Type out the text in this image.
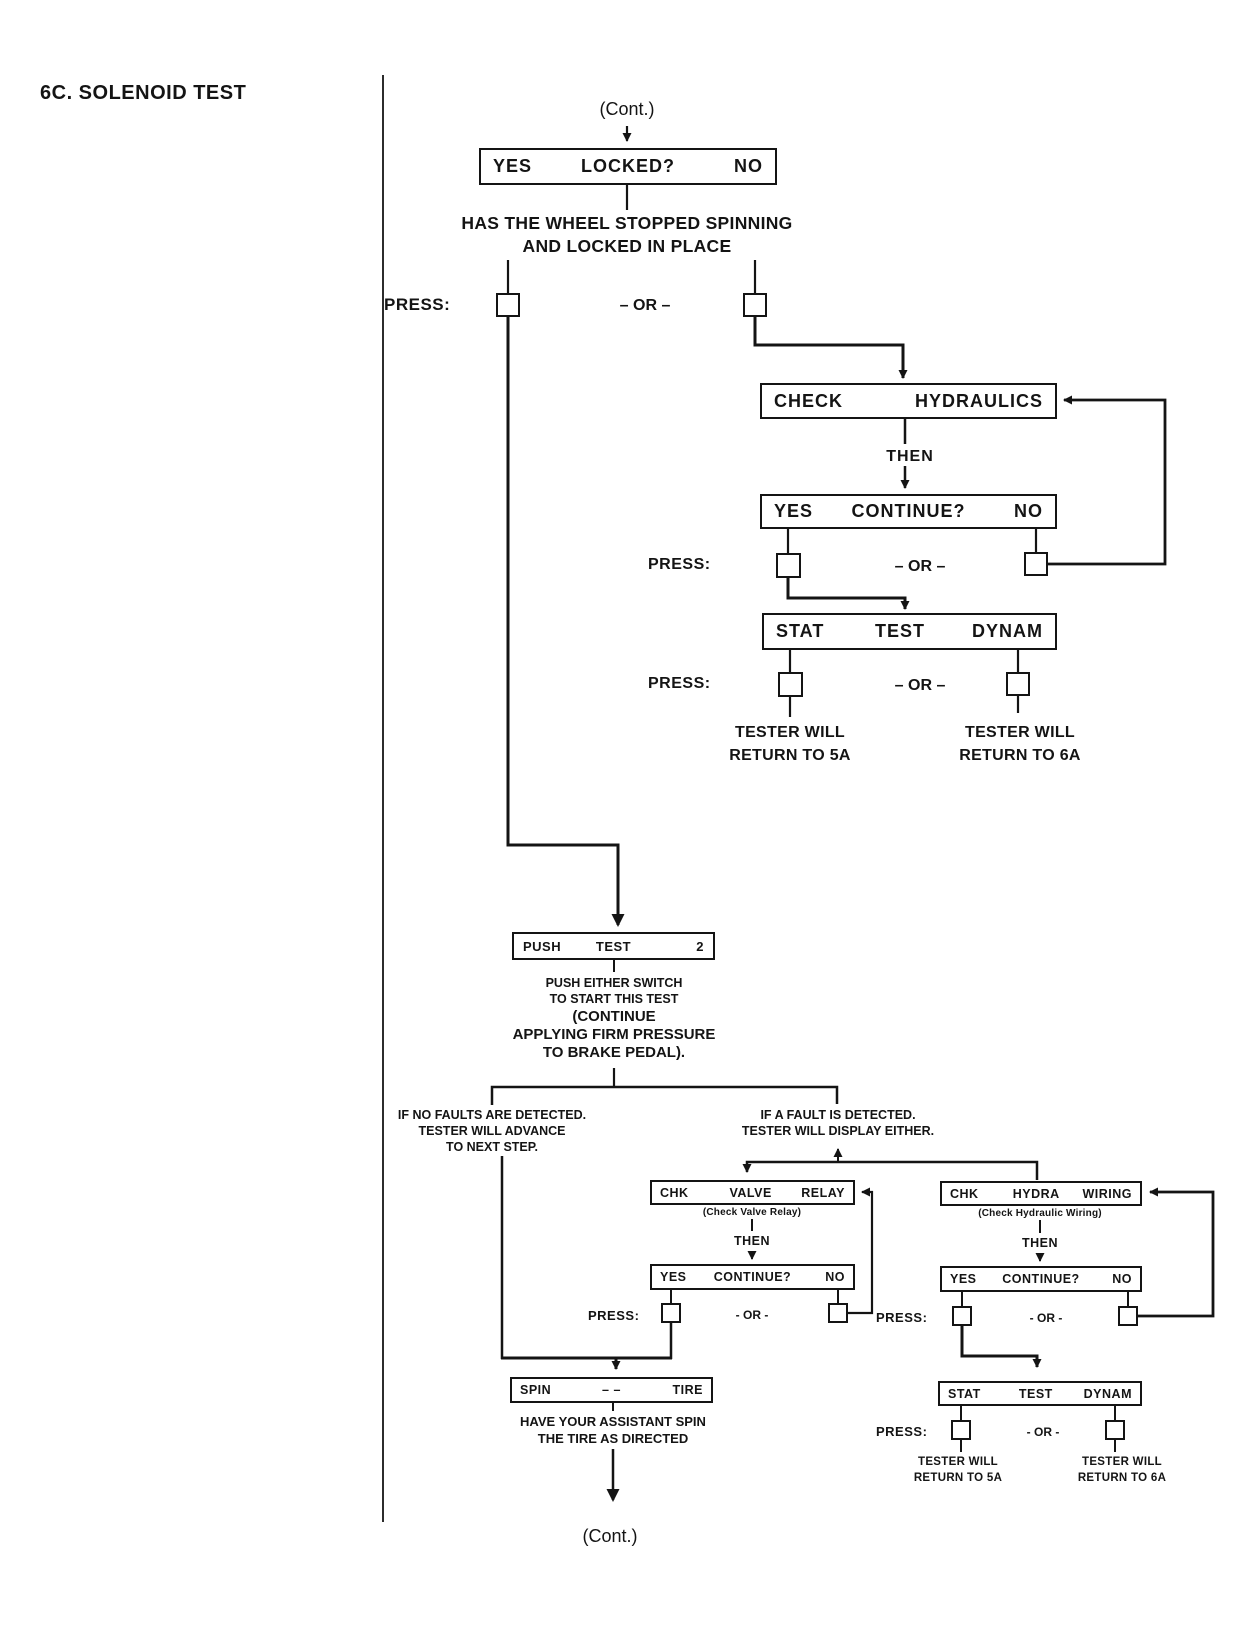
6C. SOLENOID TEST
(Cont.)
YES	LOCKED?	NO
HAS THE WHEEL STOPPED SPINNING
AND LOCKED IN PLACE
PRESS:	– OR –
CHECK	HYDRAULICS
THEN
YES	CONTINUE?	NO
PRESS:	– OR –
STAT	TEST	DYNAM
PRESS:	– OR –
TESTER WILL
RETURN TO 5A
TESTER WILL
RETURN TO 6A
PUSH	TEST	2
PUSH EITHER SWITCH
TO START THIS TEST
(CONTINUE
APPLYING FIRM PRESSURE
TO BRAKE PEDAL).
IF NO FAULTS ARE DETECTED.
TESTER WILL ADVANCE
TO NEXT STEP.
IF A FAULT IS DETECTED.
TESTER WILL DISPLAY EITHER.
CHK	VALVE	RELAY
(Check Valve Relay)
THEN
YES	CONTINUE?	NO
PRESS:	- OR -
CHK	HYDRA	WIRING
(Check Hydraulic Wiring)
THEN
YES	CONTINUE?	NO
PRESS:	- OR -
STAT	TEST	DYNAM
PRESS:	- OR -
TESTER WILL
RETURN TO 5A
TESTER WILL
RETURN TO 6A
SPIN	– –	TIRE
HAVE YOUR ASSISTANT SPIN
THE TIRE AS DIRECTED
(Cont.)
